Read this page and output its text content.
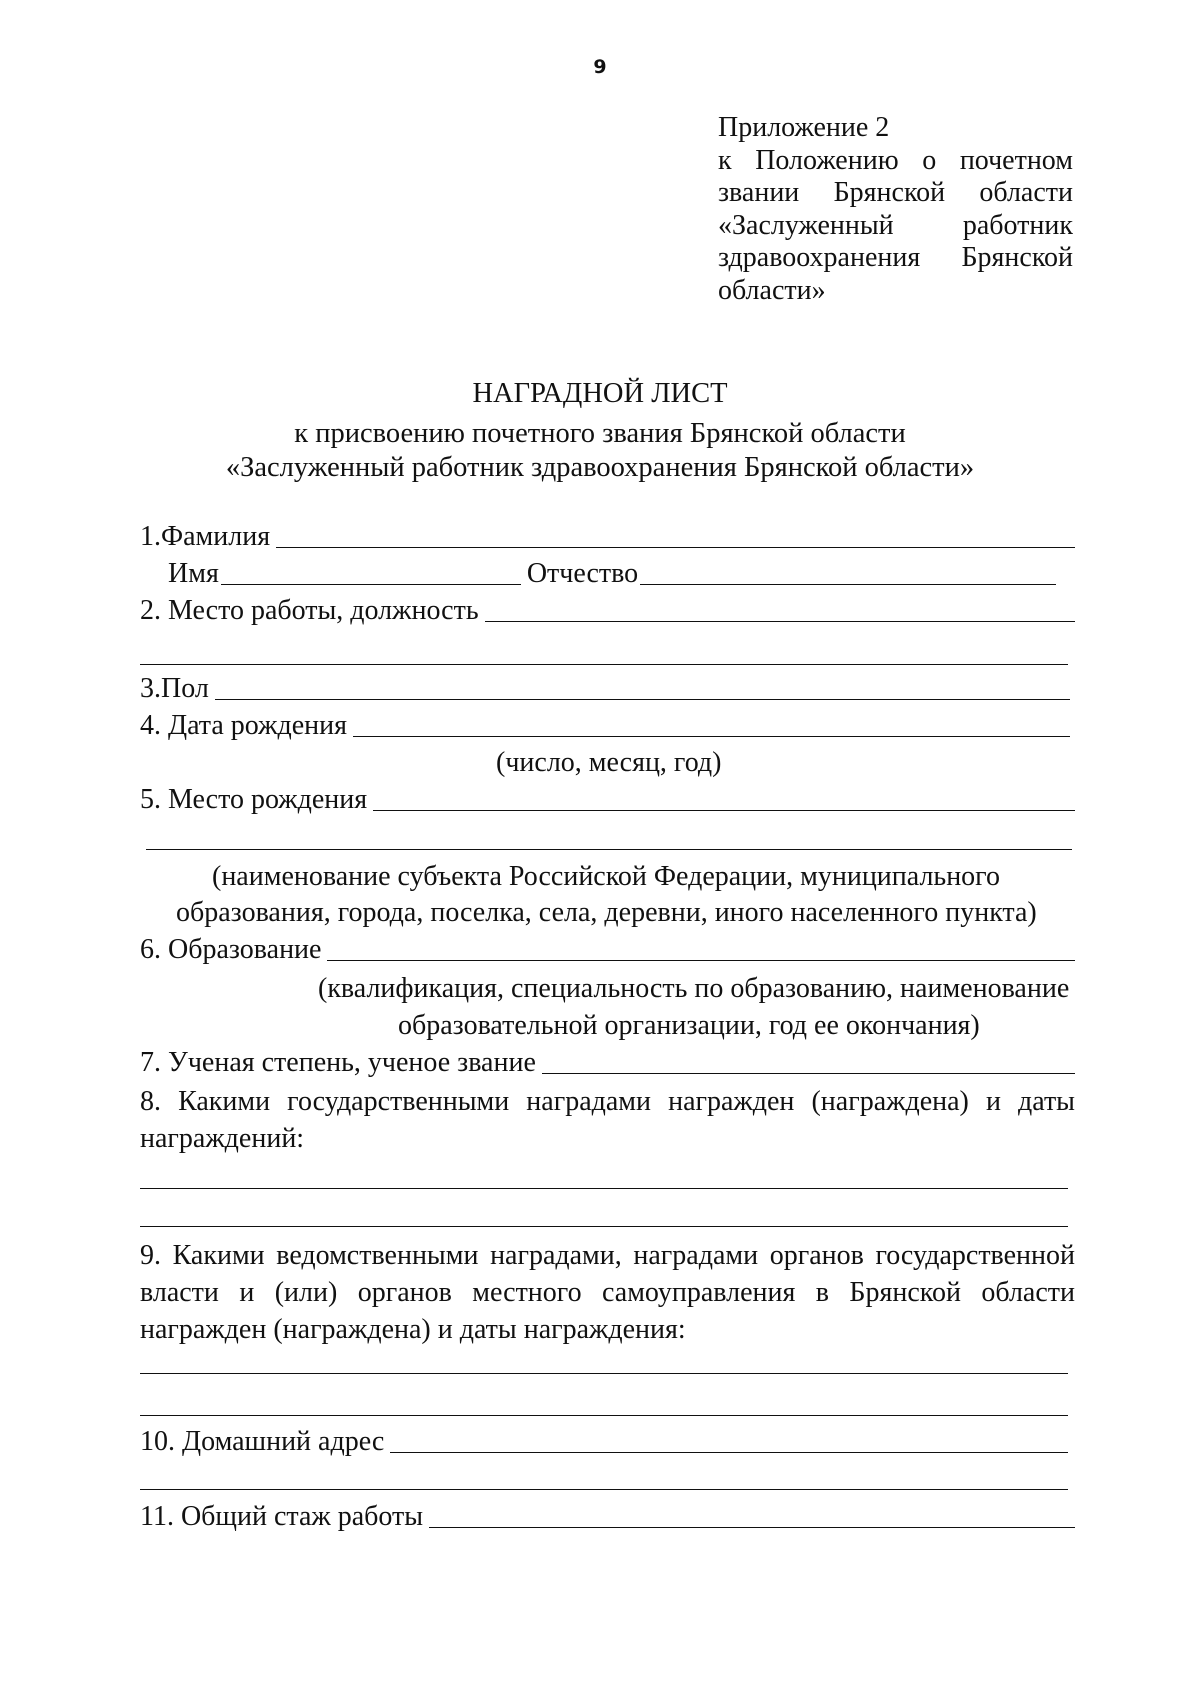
9
Приложение 2
к Положению о почетном
звании Брянской области
«Заслуженный работник
здравоохранения Брянской
области»
НАГРАДНОЙ ЛИСТ
к присвоению почетного звания Брянской области
«Заслуженный работник здравоохранения Брянской области»
1.Фамилия
Имя	Отчество
2. Место работы, должность
3.Пол
4. Дата рождения
(число, месяц, год)
5. Место рождения
(наименование субъекта Российской Федерации, муниципального
образования, города, поселка, села, деревни, иного населенного пункта)
6. Образование
(квалификация, специальность по образованию, наименование
образовательной организации, год ее окончания)
7. Ученая степень, ученое звание
8. Какими государственными наградами награжден (награждена) и даты
награждений:
9. Какими ведомственными наградами, наградами органов государственной
власти и (или) органов местного самоуправления в Брянской области
награжден (награждена) и даты награждения:
10. Домашний адрес
11. Общий стаж работы
